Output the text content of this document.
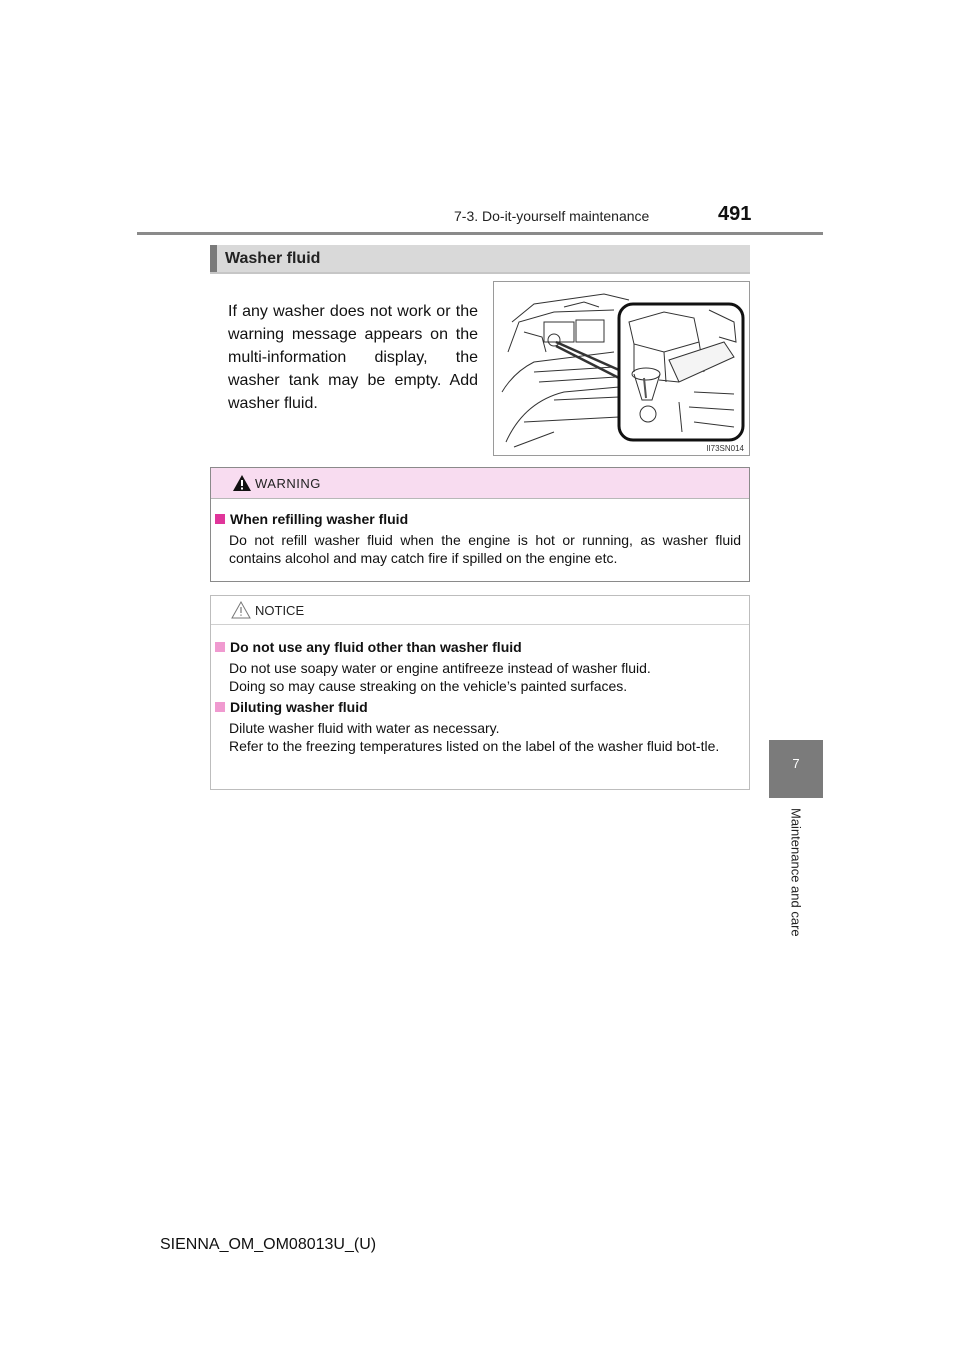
7-3. Do-it-yourself maintenance	491
7
Maintenance and care
Washer fluid
If any washer does not work or the warning message appears on the multi-information display, the washer tank may be empty. Add washer fluid.
II73SN014
WARNING
When refilling washer fluid
Do not refill washer fluid when the engine is hot or running, as washer fluid contains alcohol and may catch fire if spilled on the engine etc.
NOTICE
Do not use any fluid other than washer fluid
Do not use soapy water or engine antifreeze instead of washer fluid.
Doing so may cause streaking on the vehicle’s painted surfaces.
Diluting washer fluid
Dilute washer fluid with water as necessary.
Refer to the freezing temperatures listed on the label of the washer fluid bot-tle.
SIENNA_OM_OM08013U_(U)
